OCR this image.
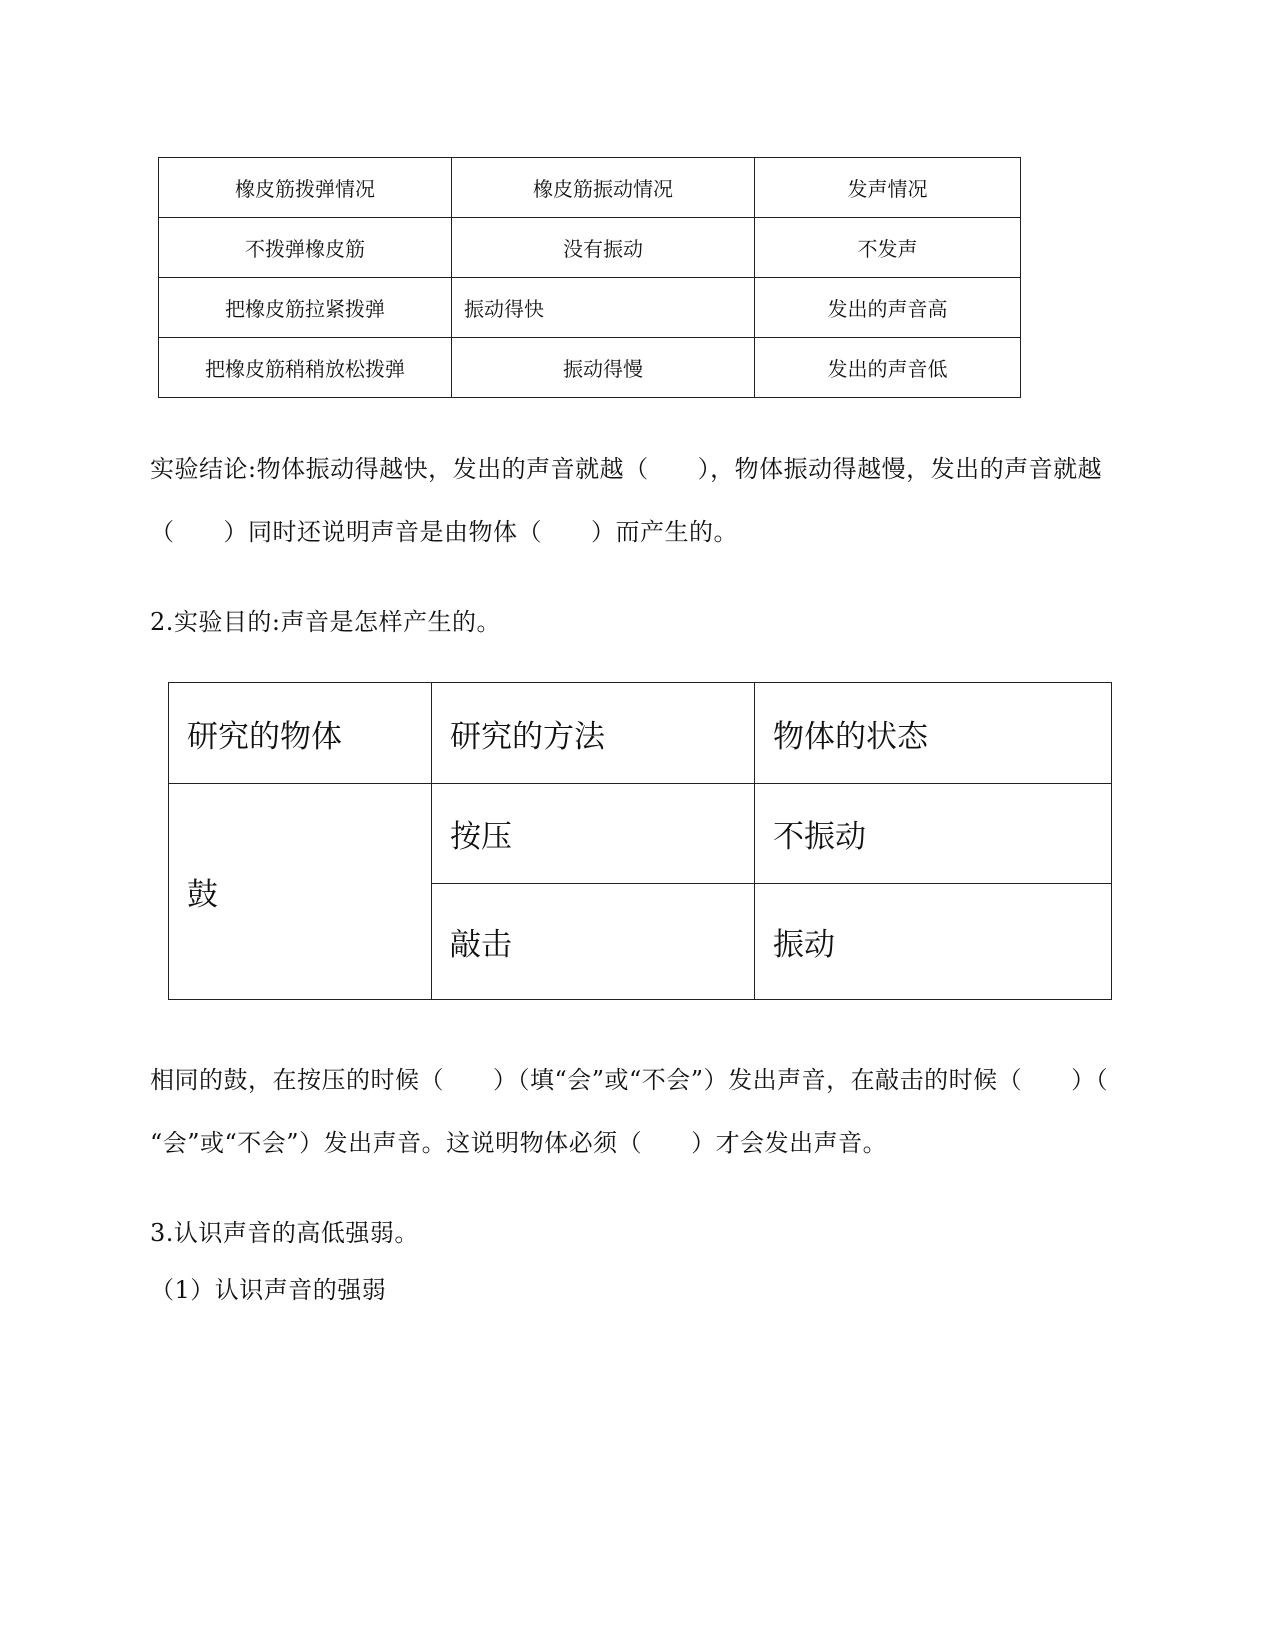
橡皮筋拨弹情况	橡皮筋振动情况	发声情况
不拨弹橡皮筋	没有振动	不发声
把橡皮筋拉紧拨弹	振动得快	发出的声音高
把橡皮筋稍稍放松拨弹	振动得慢	发出的声音低
实验结论:物体振动得越快，发出的声音就越（　　），物体振动得越慢，发出的声音就越
（　　）同时还说明声音是由物体（　　）而产生的。
2.实验目的:声音是怎样产生的。
研究的物体	研究的方法	物体的状态
鼓	按压	不振动
	敲击	振动
相同的鼓，在按压的时候（　　）（填“会”或“不会”）发出声音，在敲击的时候（　　）（
“会”或“不会”）发出声音。这说明物体必须（　　）才会发出声音。
3.认识声音的高低强弱。
（1）认识声音的强弱
